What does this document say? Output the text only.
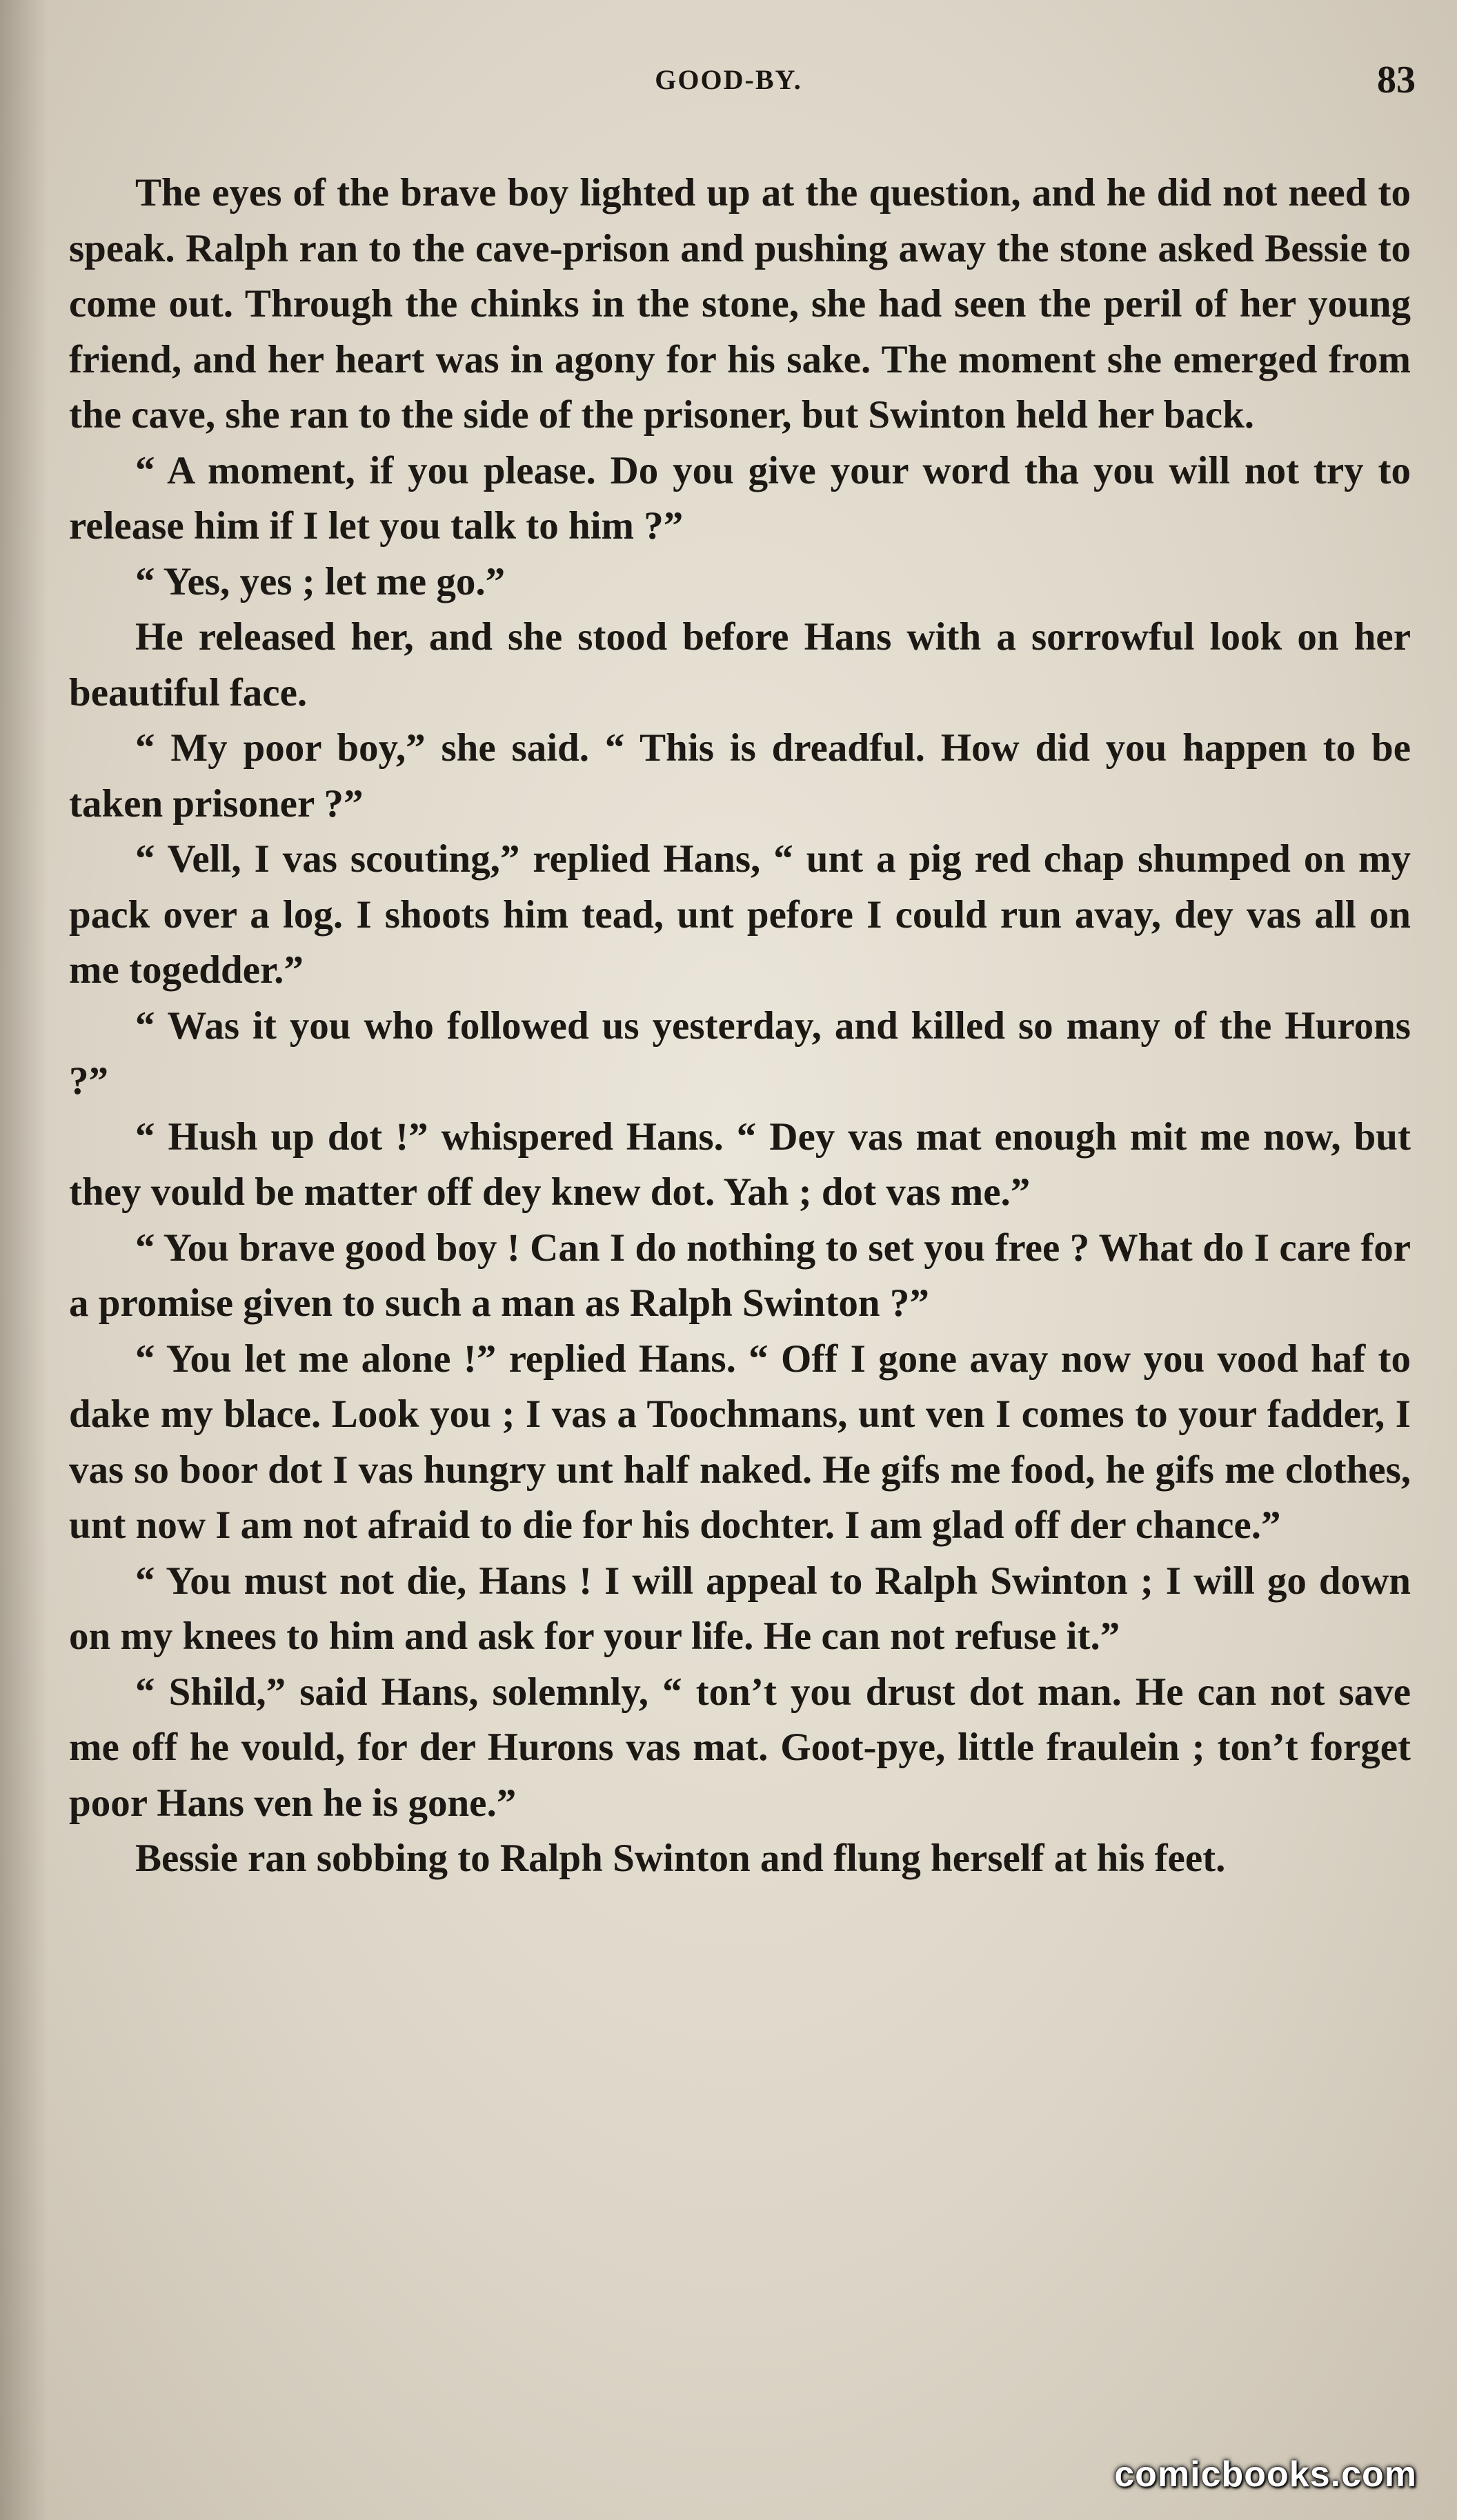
GOOD-BY.	83

The eyes of the brave boy lighted up at the question, and he did not need to speak. Ralph ran to the cave-prison and pushing away the stone asked Bessie to come out. Through the chinks in the stone, she had seen the peril of her young friend, and her heart was in agony for his sake. The moment she emerged from the cave, she ran to the side of the prisoner, but Swinton held her back.

“ A moment, if you please. Do you give your word tha you will not try to release him if I let you talk to him ?”

“ Yes, yes ; let me go.”

He released her, and she stood before Hans with a sorrowful look on her beautiful face.

“ My poor boy,” she said. “ This is dreadful. How did you happen to be taken prisoner ?”

“ Vell, I vas scouting,” replied Hans, “ unt a pig red chap shumped on my pack over a log. I shoots him tead, unt pefore I could run avay, dey vas all on me togedder.”

“ Was it you who followed us yesterday, and killed so many of the Hurons ?”

“ Hush up dot !” whispered Hans. “ Dey vas mat enough mit me now, but they vould be matter off dey knew dot. Yah ; dot vas me.”

“ You brave good boy ! Can I do nothing to set you free ? What do I care for a promise given to such a man as Ralph Swinton ?”

“ You let me alone !” replied Hans. “ Off I gone avay now you vood haf to dake my blace. Look you ; I vas a Toochmans, unt ven I comes to your fadder, I vas so boor dot I vas hungry unt half naked. He gifs me food, he gifs me clothes, unt now I am not afraid to die for his dochter. I am glad off der chance.”

“ You must not die, Hans ! I will appeal to Ralph Swinton ; I will go down on my knees to him and ask for your life. He can not refuse it.”

“ Shild,” said Hans, solemnly, “ ton’t you drust dot man. He can not save me off he vould, for der Hurons vas mat. Goot-pye, little fraulein ; ton’t forget poor Hans ven he is gone.”

Bessie ran sobbing to Ralph Swinton and flung herself at his feet.

comicbooks.com
